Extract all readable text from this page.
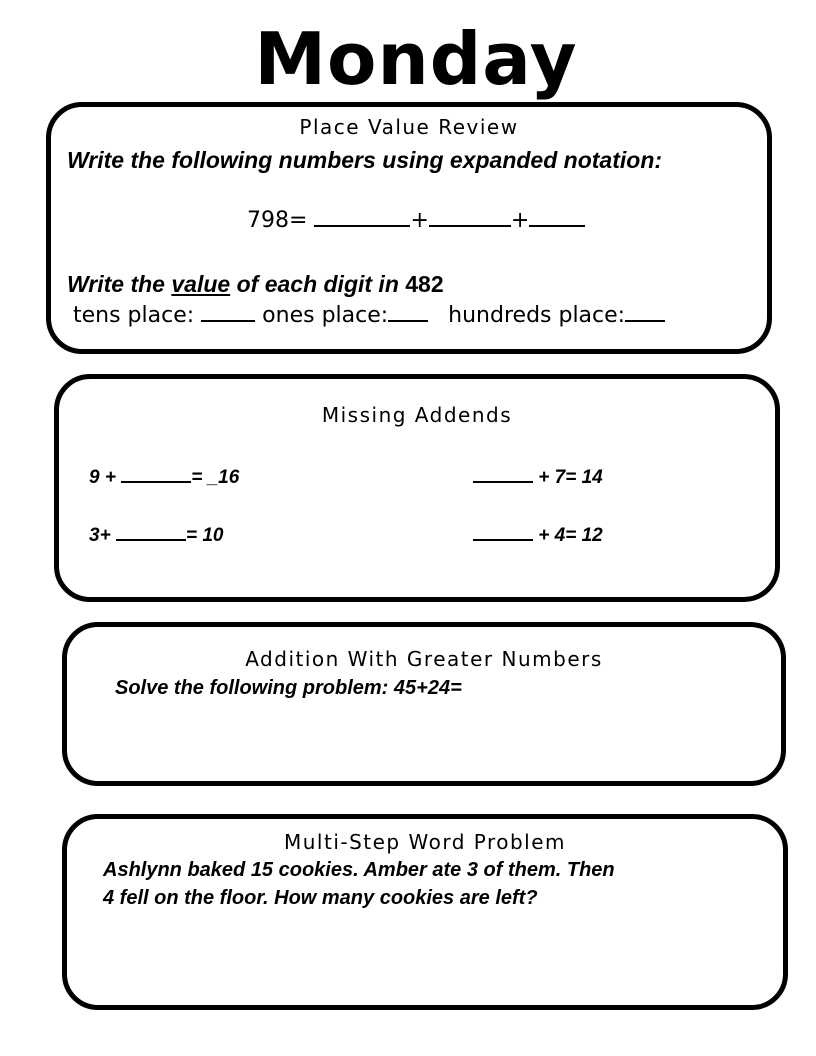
Monday
Place Value Review
Write the following numbers using expanded notation:
798=	+	+
Write the value of each digit in 482
tens place:	ones place:	hundreds place:
Missing Addends
9 +	= _16
3+	= 10
+ 7= 14
+ 4= 12
Addition With Greater Numbers
Solve the following problem: 45+24=
Multi-Step Word Problem
Ashlynn baked 15 cookies. Amber ate 3 of them. Then
4 fell on the floor. How many cookies are left?
